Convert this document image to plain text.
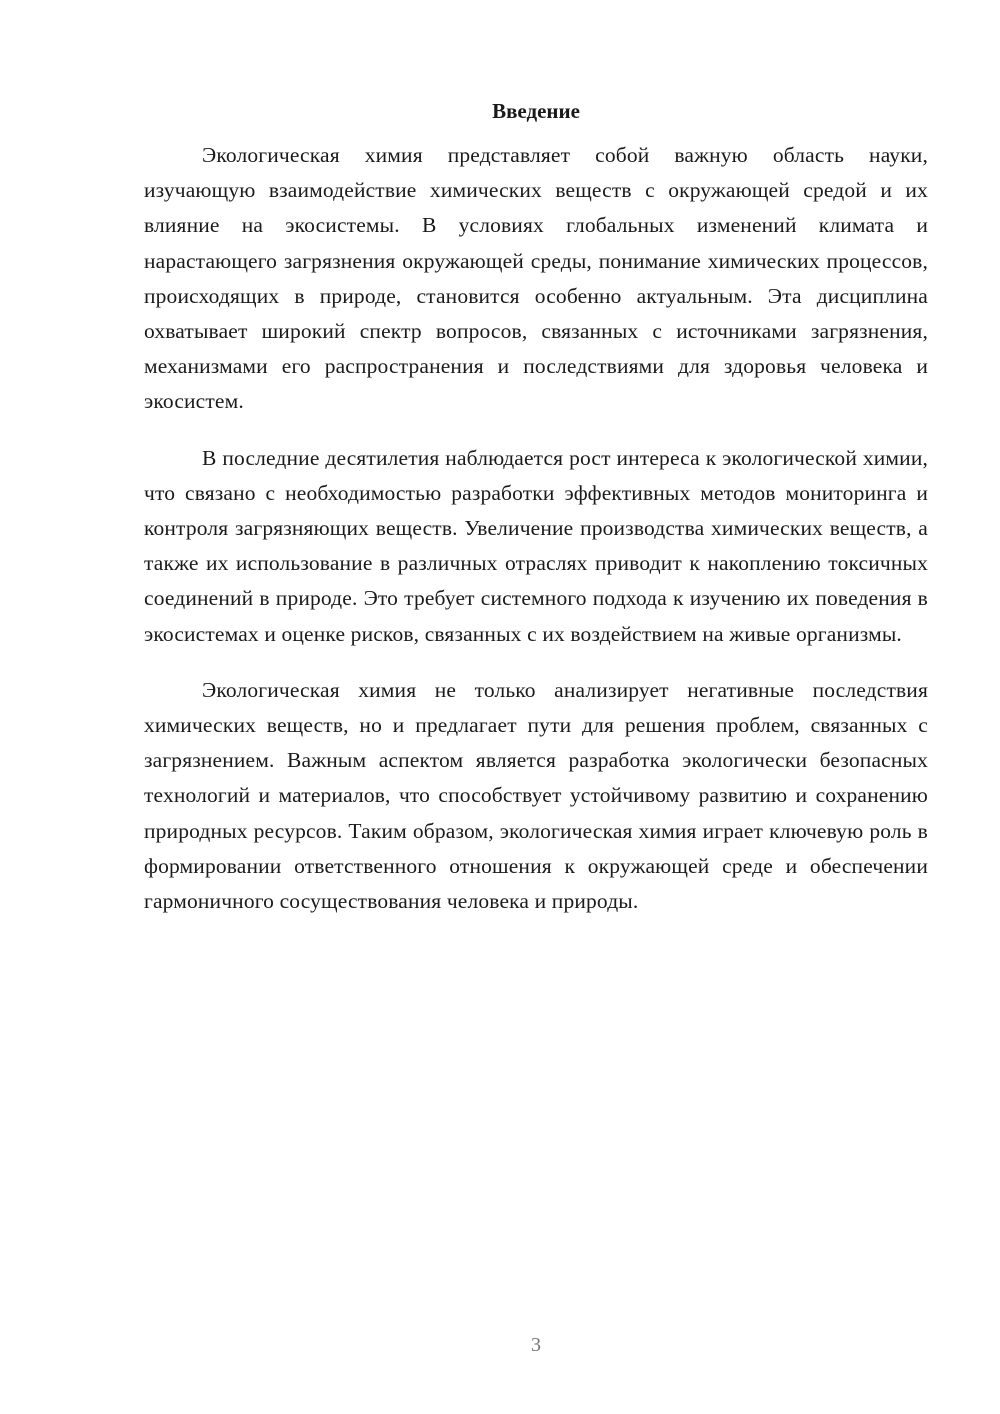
Введение

Экологическая химия представляет собой важную область науки, изучающую взаимодействие химических веществ с окружающей средой и их влияние на экосистемы. В условиях глобальных изменений климата и нарастающего загрязнения окружающей среды, понимание химических процессов, происходящих в природе, становится особенно актуальным. Эта дисциплина охватывает широкий спектр вопросов, связанных с источниками загрязнения, механизмами его распространения и последствиями для здоровья человека и экосистем.

В последние десятилетия наблюдается рост интереса к экологической химии, что связано с необходимостью разработки эффективных методов мониторинга и контроля загрязняющих веществ. Увеличение производства химических веществ, а также их использование в различных отраслях приводит к накоплению токсичных соединений в природе. Это требует системного подхода к изучению их поведения в экосистемах и оценке рисков, связанных с их воздействием на живые организмы.

Экологическая химия не только анализирует негативные последствия химических веществ, но и предлагает пути для решения проблем, связанных с загрязнением. Важным аспектом является разработка экологически безопасных технологий и материалов, что способствует устойчивому развитию и сохранению природных ресурсов. Таким образом, экологическая химия играет ключевую роль в формировании ответственного отношения к окружающей среде и обеспечении гармоничного сосуществования человека и природы.

3
